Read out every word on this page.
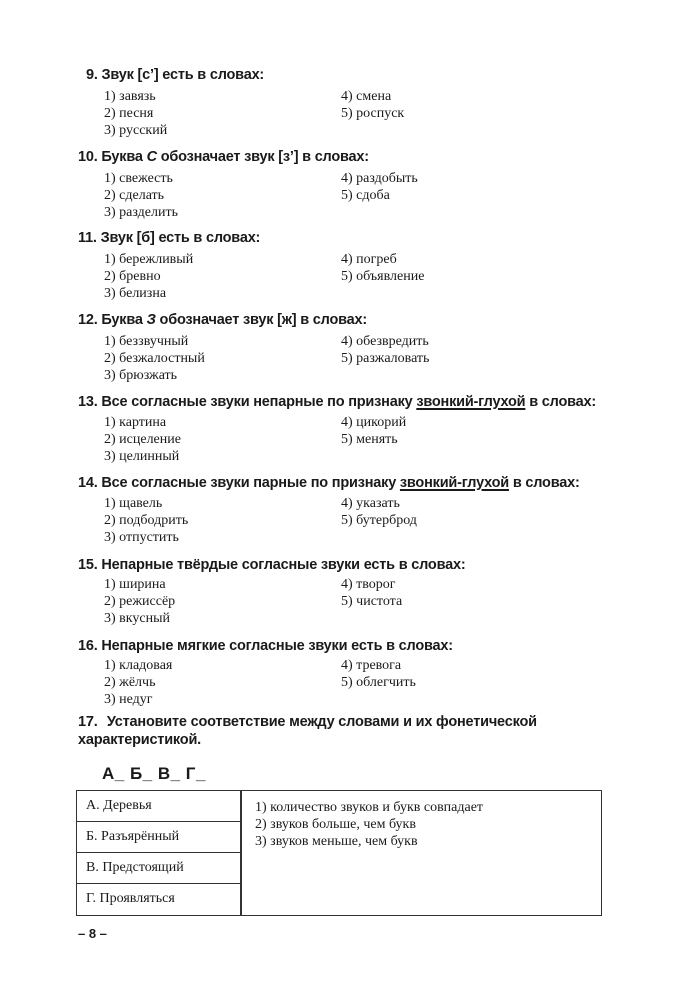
9. Звук [с’] есть в словах:
1) завязь
2) песня
3) русский
4) смена
5) роспуск
10. Буква С обозначает звук [з’] в словах:
1) свежесть
2) сделать
3) разделить
4) раздобыть
5) сдоба
11. Звук [б] есть в словах:
1) бережливый
2) бревно
3) белизна
4) погреб
5) объявление
12. Буква З обозначает звук [ж] в словах:
1) беззвучный
2) безжалостный
3) брюзжать
4) обезвредить
5) разжаловать
13. Все согласные звуки непарные по признаку звонкий-глухой в словах:
1) картина
2) исцеление
3) целинный
4) цикорий
5) менять
14. Все согласные звуки парные по признаку звонкий-глухой в словах:
1) щавель
2) подбодрить
3) отпустить
4) указать
5) бутерброд
15. Непарные твёрдые согласные звуки есть в словах:
1) ширина
2) режиссёр
3) вкусный
4) творог
5) чистота
16. Непарные мягкие согласные звуки есть в словах:
1) кладовая
2) жёлчь
3) недуг
4) тревога
5) облегчить
17. Установите соответствие между словами и их фонетической характеристикой.
А_ Б_ В_ Г_
А. Деревья
Б. Разъярённый
В. Предстоящий
Г. Проявляться
1) количество звуков и букв совпадает
2) звуков больше, чем букв
3) звуков меньше, чем букв
– 8 –
